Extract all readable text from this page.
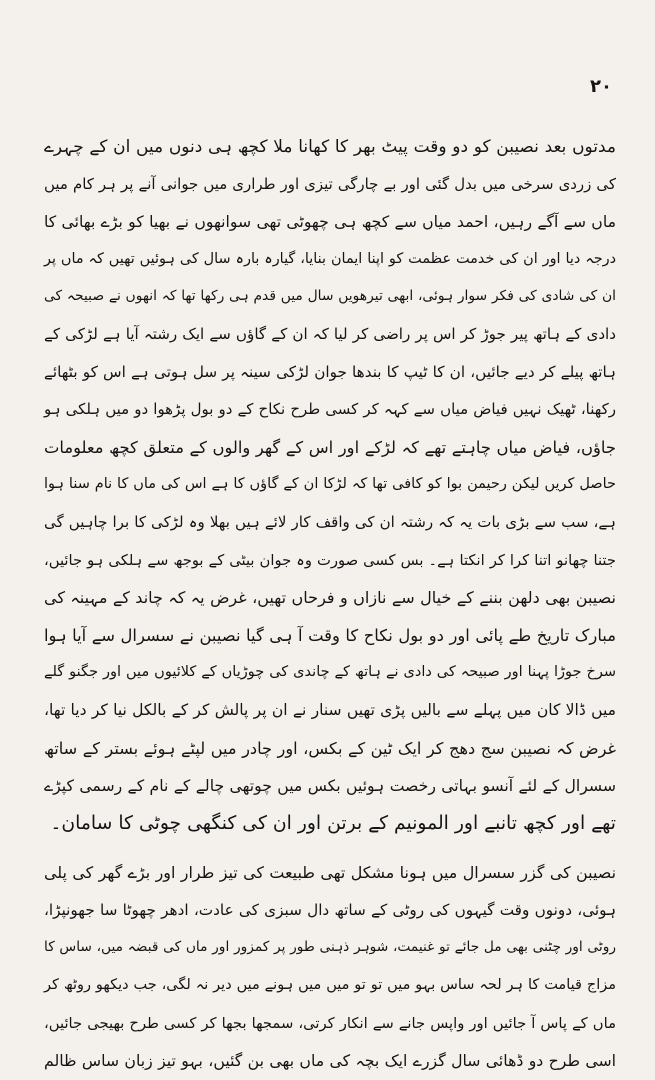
۲۰
مدتوں بعد نصیبن کو دو وقت پیٹ بھر کا کھانا ملا کچھ ہی دنوں میں ان کے چہرے
کی زردی سرخی میں بدل گئی اور بے چارگی تیزی اور طراری میں جوانی آنے پر ہر کام میں
ماں سے آگے رہیں، احمد میاں سے کچھ ہی چھوٹی تھی سوانھوں نے بھیا کو بڑے بھائی کا
درجہ دیا اور ان کی خدمت عظمت کو اپنا ایمان بنایا، گیارہ بارہ سال کی ہوئیں تھیں کہ ماں پر
ان کی شادی کی فکر سوار ہوئی، ابھی تیرھویں سال میں قدم ہی رکھا تھا کہ انھوں نے صبیحہ کی
دادی کے ہاتھ پیر جوڑ کر اس پر راضی کر لیا کہ ان کے گاؤں سے ایک رشتہ آیا ہے لڑکی کے
ہاتھ پیلے کر دیے جائیں، ان کا ٹیپ کا بندھا جوان لڑکی سینہ پر سل ہوتی ہے اس کو بٹھائے
رکھنا، ٹھیک نہیں فیاض میاں سے کہہ کر کسی طرح نکاح کے دو بول پڑھوا دو میں ہلکی ہو
جاؤں، فیاض میاں چاہتے تھے کہ لڑکے اور اس کے گھر والوں کے متعلق کچھ معلومات
حاصل کریں لیکن رحیمن بوا کو کافی تھا کہ لڑکا ان کے گاؤں کا ہے اس کی ماں کا نام سنا ہوا
ہے، سب سے بڑی بات یہ کہ رشتہ ان کی واقف کار لائے ہیں بھلا وہ لڑکی کا برا چاہیں گی
جتنا چھانو اتنا کرا کر انکتا ہے۔ بس کسی صورت وہ جوان بیٹی کے بوجھ سے ہلکی ہو جائیں،
نصیبن بھی دلھن بننے کے خیال سے نازاں و فرحاں تھیں، غرض یہ کہ چاند کے مہینہ کی
مبارک تاریخ طے پائی اور دو بول نکاح کا وقت آ ہی گیا نصیبن نے سسرال سے آیا ہوا
سرخ جوڑا پہنا اور صبیحہ کی دادی نے ہاتھ کے چاندی کی چوڑیاں کے کلائیوں میں اور جگنو گلے
میں ڈالا کان میں پہلے سے بالیں پڑی تھیں سنار نے ان پر پالش کر کے بالکل نیا کر دیا تھا،
غرض کہ نصیبن سج دھج کر ایک ٹین کے بکس، اور چادر میں لپٹے ہوئے بستر کے ساتھ
سسرال کے لئے آنسو بہاتی رخصت ہوئیں بکس میں چوتھی چالے کے نام کے رسمی کپڑے
تھے اور کچھ تانبے اور المونیم کے برتن اور ان کی کنگھی چوٹی کا سامان۔
نصیبن کی گزر سسرال میں ہونا مشکل تھی طبیعت کی تیز طرار اور بڑے گھر کی پلی
ہوئی، دونوں وقت گیہوں کی روٹی کے ساتھ دال سبزی کی عادت، ادھر چھوٹا سا جھونپڑا،
روٹی اور چٹنی بھی مل جائے تو غنیمت، شوہر ذہنی طور پر کمزور اور ماں کی قبضہ میں، ساس کا
مزاج قیامت کا ہر لحہ ساس بہو میں تو تو میں میں ہونے میں دیر نہ لگی، جب دیکھو روٹھ کر
ماں کے پاس آ جائیں اور واپس جانے سے انکار کرتی، سمجھا بجھا کر کسی طرح بھیجی جائیں،
اسی طرح دو ڈھائی سال گزرے ایک بچہ کی ماں بھی بن گئیں، بہو تیز زبان ساس ظالم
